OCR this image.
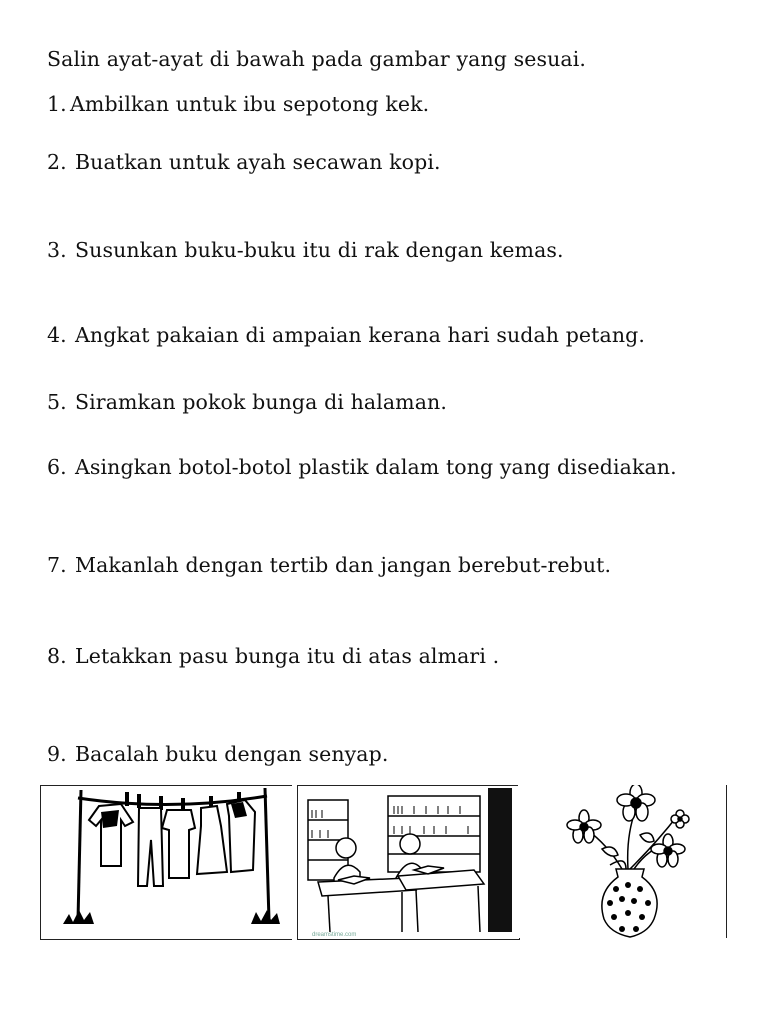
Salin ayat-ayat di bawah pada gambar yang sesuai.
1. Ambilkan untuk ibu sepotong kek.
2. Buatkan untuk ayah secawan kopi.
3. Susunkan buku-buku itu di rak dengan kemas.
4. Angkat pakaian di ampaian kerana hari sudah petang.
5. Siramkan pokok bunga di halaman.
6. Asingkan botol-botol plastik dalam tong yang disediakan.
7. Makanlah dengan tertib dan jangan berebut-rebut.
8. Letakkan pasu bunga itu di atas almari .
9. Bacalah buku dengan senyap.
dreamstime.com
